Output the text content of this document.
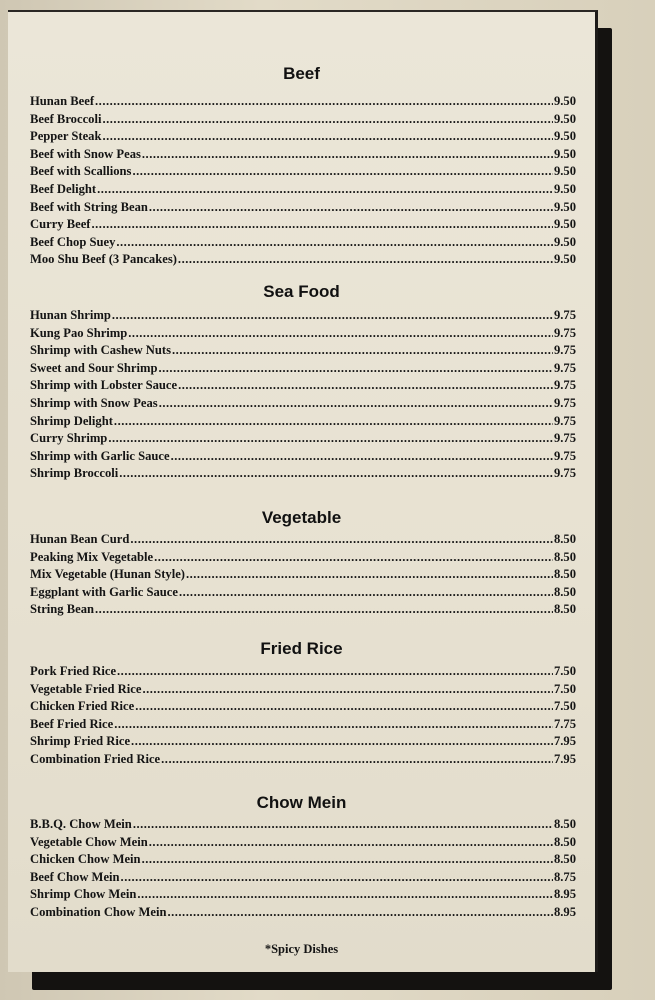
Beef
Hunan Beef .....	9.50
Beef Broccoli .....	9.50
Pepper Steak .....	9.50
Beef with Snow Peas .....	9.50
Beef with Scallions .....	9.50
Beef Delight .....	9.50
Beef with String Bean .....	9.50
Curry Beef .....	9.50
Beef Chop Suey .....	9.50
Moo Shu Beef (3 Pancakes) .....	9.50
Sea Food
Hunan Shrimp .....	9.75
Kung Pao Shrimp .....	9.75
Shrimp with Cashew Nuts .....	9.75
Sweet and Sour Shrimp .....	9.75
Shrimp with Lobster Sauce .....	9.75
Shrimp with Snow Peas .....	9.75
Shrimp Delight .....	9.75
Curry Shrimp .....	9.75
Shrimp with Garlic Sauce .....	9.75
Shrimp Broccoli .....	9.75
Vegetable
Hunan Bean Curd .....	8.50
Peaking Mix Vegetable .....	8.50
Mix Vegetable (Hunan Style) .....	8.50
Eggplant with Garlic Sauce .....	8.50
String Bean .....	8.50
Fried Rice
Pork Fried Rice .....	7.50
Vegetable Fried Rice .....	7.50
Chicken Fried Rice .....	7.50
Beef Fried Rice .....	7.75
Shrimp Fried Rice .....	7.95
Combination Fried Rice .....	7.95
Chow Mein
B.B.Q. Chow Mein .....	8.50
Vegetable Chow Mein .....	8.50
Chicken Chow Mein .....	8.50
Beef Chow Mein .....	8.75
Shrimp Chow Mein .....	8.95
Combination Chow Mein .....	8.95
*Spicy Dishes
